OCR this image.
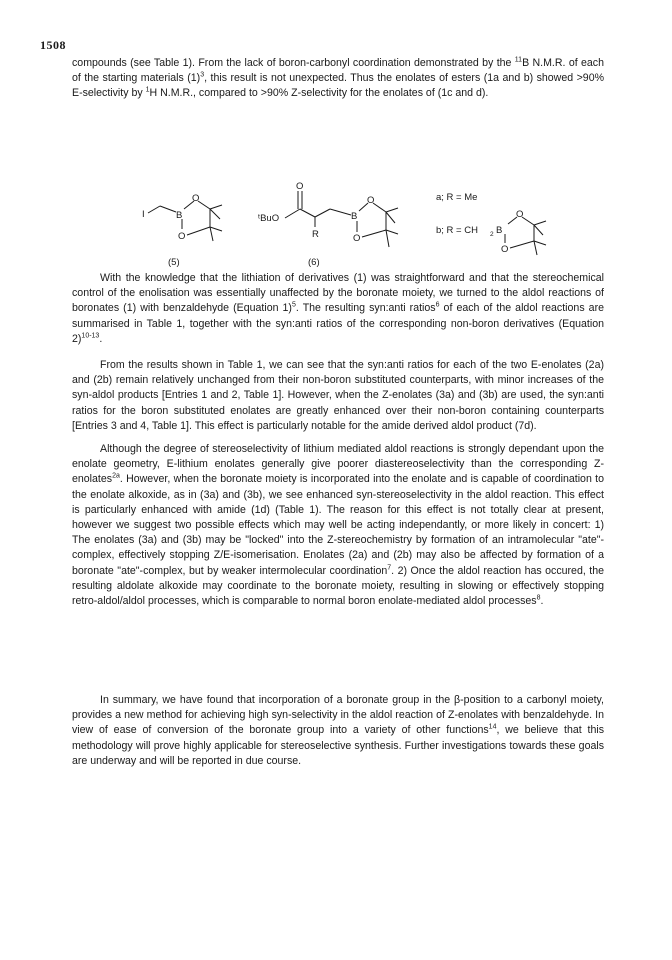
1508

compounds (see Table 1). From the lack of boron-carbonyl coordination demonstrated by the $^{11}$B N.M.R. of each of the starting materials $(1)^3$, this result is not unexpected. Thus the enolates of esters (1a and b) showed >90% E-selectivity by $^1$H N.M.R., compared to >90% Z-selectivity for the enolates of (1c and d).

I	B
O
O
(5)
ᵗBuO
O
R
B
O
O
(6)
a; R = Me
b; R = CH 2 B
O
O

With the knowledge that the lithiation of derivatives (1) was straightforward and that the stereochemical control of the enolisation was essentially unaffected by the boronate moiety, we turned to the aldol reactions of boronates (1) with benzaldehyde (Equation 1)$^5$. The resulting syn:anti ratios$^6$ of each of the aldol reactions are summarised in Table 1, together with the syn:anti ratios of the corresponding non-boron derivatives (Equation 2)$^{10-13}$.

From the results shown in Table 1, we can see that the syn:anti ratios for each of the two E-enolates (2a) and (2b) remain relatively unchanged from their non-boron substituted counterparts, with minor increases of the syn-aldol products [Entries 1 and 2, Table 1]. However, when the Z-enolates (3a) and (3b) are used, the syn:anti ratios for the boron substituted enolates are greatly enhanced over their non-boron containing counterparts [Entries 3 and 4, Table 1]. This effect is particularly notable for the amide derived aldol product (7d).

Although the degree of stereoselectivity of lithium mediated aldol reactions is strongly dependant upon the enolate geometry, E-lithium enolates generally give poorer diastereoselectivity than the corresponding Z-enolates$^{2a}$. However, when the boronate moiety is incorporated into the enolate and is capable of coordination to the enolate alkoxide, as in (3a) and (3b), we see enhanced syn-stereoselectivity in the aldol reaction. This effect is particularly enhanced with amide (1d) (Table 1). The reason for this effect is not totally clear at present, however we suggest two possible effects which may well be acting independantly, or more likely in concert: 1) The enolates (3a) and (3b) may be "locked" into the Z-stereochemistry by formation of an intramolecular "ate"-complex, effectively stopping Z/E-isomerisation. Enolates (2a) and (2b) may also be affected by formation of a boronate "ate"-complex, but by weaker intermolecular coordination$^7$. 2) Once the aldol reaction has occured, the resulting aldolate alkoxide may coordinate to the boronate moiety, resulting in slowing or effectively stopping retro-aldol/aldol processes, which is comparable to normal boron enolate-mediated aldol processes$^8$.

In summary, we have found that incorporation of a boronate group in the β-position to a carbonyl moiety, provides a new method for achieving high syn-selectivity in the aldol reaction of Z-enolates with benzaldehyde. In view of ease of conversion of the boronate group into a variety of other functions$^{14}$, we believe that this methodology will prove highly applicable for stereoselective synthesis. Further investigations towards these goals are underway and will be reported in due course.
